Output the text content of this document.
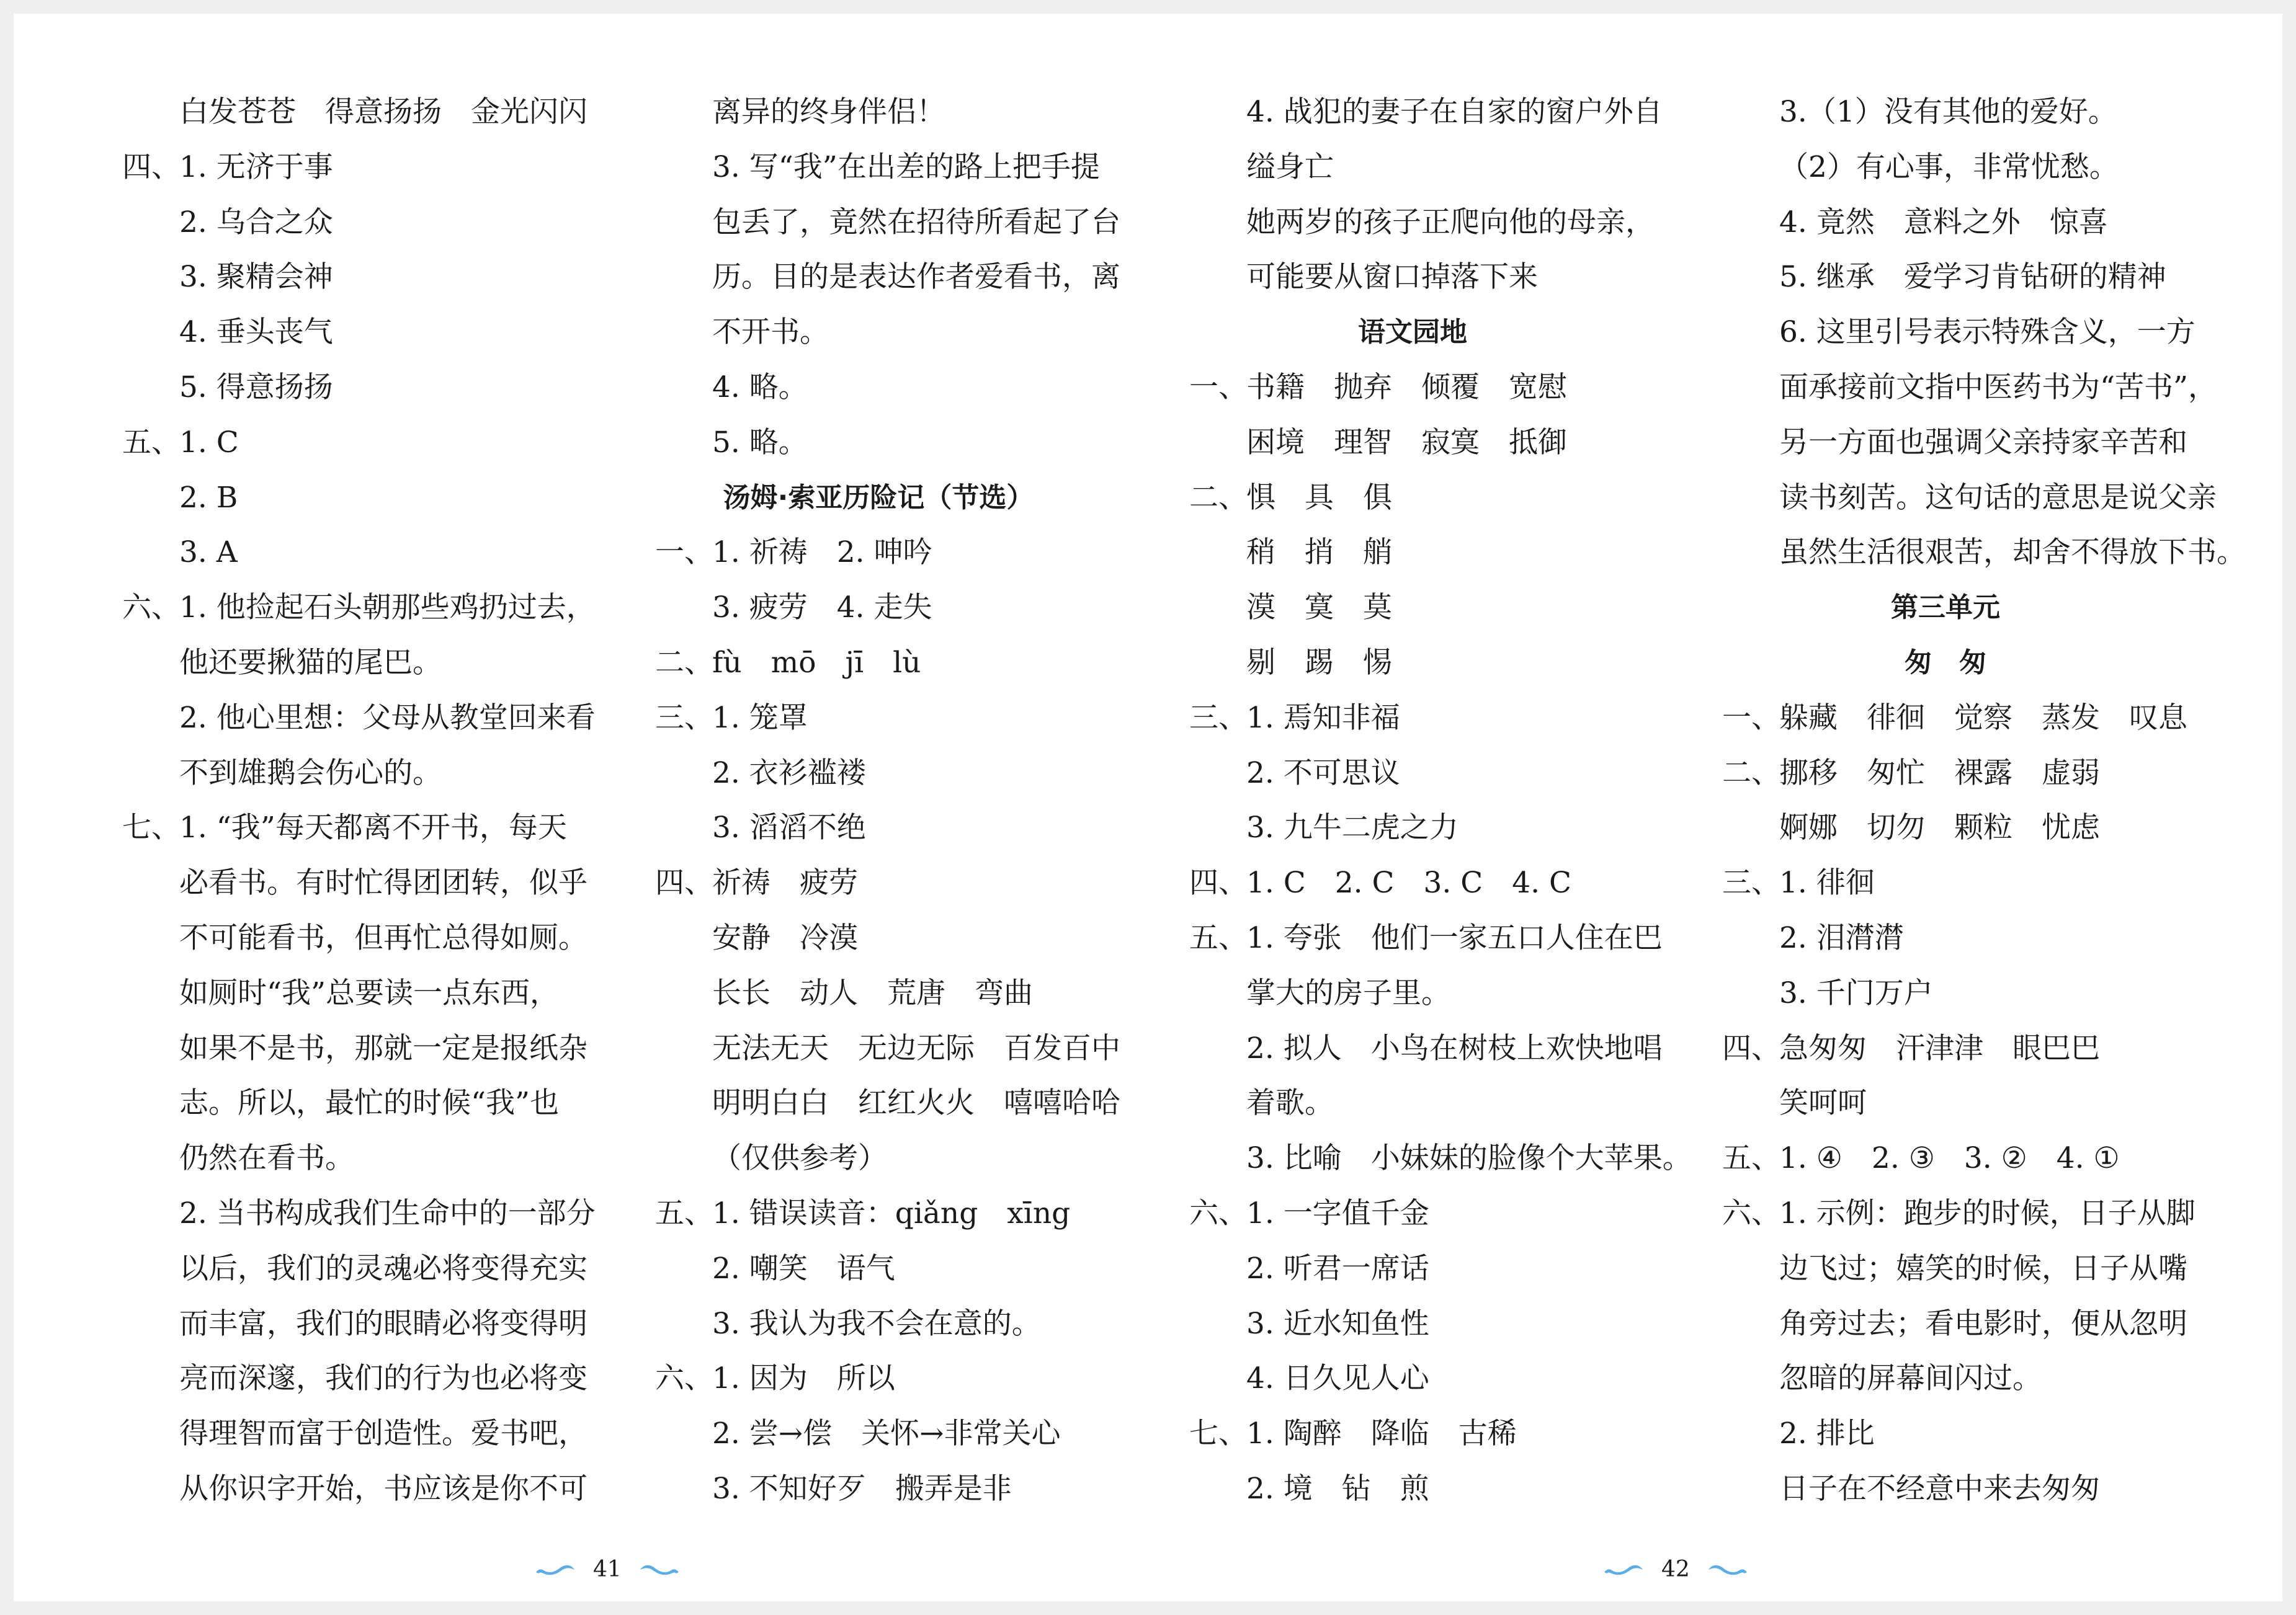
白发苍苍　得意扬扬　金光闪闪
四、
1. 无济于事
2. 乌合之众
3. 聚精会神
4. 垂头丧气
5. 得意扬扬
五、
1. C
2. B
3. A
六、
1. 他捡起石头朝那些鸡扔过去，
他还要揪猫的尾巴。
2. 他心里想：父母从教堂回来看
不到雄鹅会伤心的。
七、
1. “我”每天都离不开书，每天
必看书。有时忙得团团转，似乎
不可能看书，但再忙总得如厕。
如厕时“我”总要读一点东西，
如果不是书，那就一定是报纸杂
志。所以，最忙的时候“我”也
仍然在看书。
2. 当书构成我们生命中的一部分
以后，我们的灵魂必将变得充实
而丰富，我们的眼睛必将变得明
亮而深邃，我们的行为也必将变
得理智而富于创造性。爱书吧，
从你识字开始，书应该是你不可
离异的终身伴侣！
3. 写“我”在出差的路上把手提
包丢了，竟然在招待所看起了台
历。目的是表达作者爱看书，离
不开书。
4. 略。
5. 略。
汤姆·索亚历险记（节选）
一、
1. 祈祷　2. 呻吟
3. 疲劳　4. 走失
二、
fù　mō　jī　lù
三、
1. 笼罩
2. 衣衫褴褛
3. 滔滔不绝
四、
祈祷　疲劳
安静　冷漠
长长　动人　荒唐　弯曲
无法无天　无边无际　百发百中
明明白白　红红火火　嘻嘻哈哈
（仅供参考）
五、
1. 错误读音：qiǎng　xīng
2. 嘲笑　语气
3. 我认为我不会在意的。
六、
1. 因为　所以
2. 尝→偿　关怀→非常关心
3. 不知好歹　搬弄是非
4. 战犯的妻子在自家的窗户外自
缢身亡
她两岁的孩子正爬向他的母亲，
可能要从窗口掉落下来
语文园地
一、
书籍　抛弃　倾覆　宽慰
困境　理智　寂寞　抵御
二、
惧　具　俱
稍　捎　艄
漠　寞　莫
剔　踢　惕
三、
1. 焉知非福
2. 不可思议
3. 九牛二虎之力
四、
1. C　2. C　3. C　4. C
五、
1. 夸张　他们一家五口人住在巴
掌大的房子里。
2. 拟人　小鸟在树枝上欢快地唱
着歌。
3. 比喻　小妹妹的脸像个大苹果。
六、
1. 一字值千金
2. 听君一席话
3. 近水知鱼性
4. 日久见人心
七、
1. 陶醉　降临　古稀
2. 境　钻　煎
3.（1）没有其他的爱好。
（2）有心事，非常忧愁。
4. 竟然　意料之外　惊喜
5. 继承　爱学习肯钻研的精神
6. 这里引号表示特殊含义，一方
面承接前文指中医药书为“苦书”，
另一方面也强调父亲持家辛苦和
读书刻苦。这句话的意思是说父亲
虽然生活很艰苦，却舍不得放下书。
第三单元
匆　匆
一、
躲藏　徘徊　觉察　蒸发　叹息
二、
挪移　匆忙　裸露　虚弱
婀娜　切勿　颗粒　忧虑
三、
1. 徘徊
2. 泪潸潸
3. 千门万户
四、
急匆匆　汗津津　眼巴巴
笑呵呵
五、
1. ④　2. ③　3. ②　4. ①
六、
1. 示例：跑步的时候，日子从脚
边飞过；嬉笑的时候，日子从嘴
角旁过去；看电影时，便从忽明
忽暗的屏幕间闪过。
2. 排比
日子在不经意中来去匆匆
41	42
